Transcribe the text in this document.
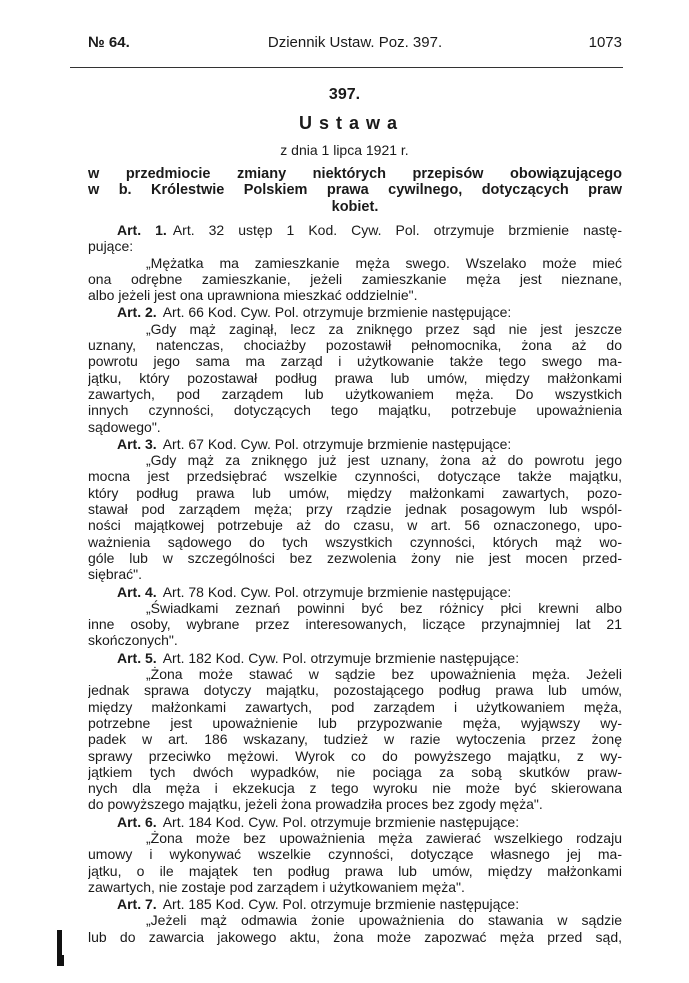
№ 64.	Dziennik Ustaw. Poz. 397.	1073
397.
Ustawa
z dnia 1 lipca 1921 r.
w przedmiocie zmiany niektórych przepisów obowiązującego
w b. Królestwie Polskiem prawa cywilnego, dotyczących praw
kobiet.
Art. 1. Art. 32 ustęp 1 Kod. Cyw. Pol. otrzymuje brzmienie nastę-
pujące:
„Mężatka ma zamieszkanie męża swego. Wszelako może mieć
ona odrębne zamieszkanie, jeżeli zamieszkanie męża jest nieznane,
albo jeżeli jest ona uprawniona mieszkać oddzielnie".
Art. 2. Art. 66 Kod. Cyw. Pol. otrzymuje brzmienie następujące:
„Gdy mąż zaginął, lecz za zniknęgo przez sąd nie jest jeszcze
uznany, natenczas, chociażby pozostawił pełnomocnika, żona aż do
powrotu jego sama ma zarząd i użytkowanie także tego swego ma-
jątku, który pozostawał podług prawa lub umów, między małżonkami
zawartych, pod zarządem lub użytkowaniem męża. Do wszystkich
innych czynności, dotyczących tego majątku, potrzebuje upoważnienia
sądowego".
Art. 3. Art. 67 Kod. Cyw. Pol. otrzymuje brzmienie następujące:
„Gdy mąż za zniknęgo już jest uznany, żona aż do powrotu jego
mocna jest przedsiębrać wszelkie czynności, dotyczące także majątku,
który podług prawa lub umów, między małżonkami zawartych, pozo-
stawał pod zarządem męża; przy rządzie jednak posagowym lub wspól-
ności majątkowej potrzebuje aż do czasu, w art. 56 oznaczonego, upo-
ważnienia sądowego do tych wszystkich czynności, których mąż wo-
góle lub w szczególności bez zezwolenia żony nie jest mocen przed-
siębrać".
Art. 4. Art. 78 Kod. Cyw. Pol. otrzymuje brzmienie następujące:
„Świadkami zeznań powinni być bez różnicy płci krewni albo
inne osoby, wybrane przez interesowanych, liczące przynajmniej lat 21
skończonych".
Art. 5. Art. 182 Kod. Cyw. Pol. otrzymuje brzmienie następujące:
„Żona może stawać w sądzie bez upoważnienia męża. Jeżeli
jednak sprawa dotyczy majątku, pozostającego podług prawa lub umów,
między małżonkami zawartych, pod zarządem i użytkowaniem męża,
potrzebne jest upoważnienie lub przypozwanie męża, wyjąwszy wy-
padek w art. 186 wskazany, tudzież w razie wytoczenia przez żonę
sprawy przeciwko mężowi. Wyrok co do powyższego majątku, z wy-
jątkiem tych dwóch wypadków, nie pociąga za sobą skutków praw-
nych dla męża i ekzekucja z tego wyroku nie może być skierowana
do powyższego majątku, jeżeli żona prowadziła proces bez zgody męża".
Art. 6. Art. 184 Kod. Cyw. Pol. otrzymuje brzmienie następujące:
„Żona może bez upoważnienia męża zawierać wszelkiego rodzaju
umowy i wykonywać wszelkie czynności, dotyczące własnego jej ma-
jątku, o ile majątek ten podług prawa lub umów, między małżonkami
zawartych, nie zostaje pod zarządem i użytkowaniem męża".
Art. 7. Art. 185 Kod. Cyw. Pol. otrzymuje brzmienie następujące:
„Jeżeli mąż odmawia żonie upoważnienia do stawania w sądzie
lub do zawarcia jakowego aktu, żona może zapozwać męża przed sąd,
